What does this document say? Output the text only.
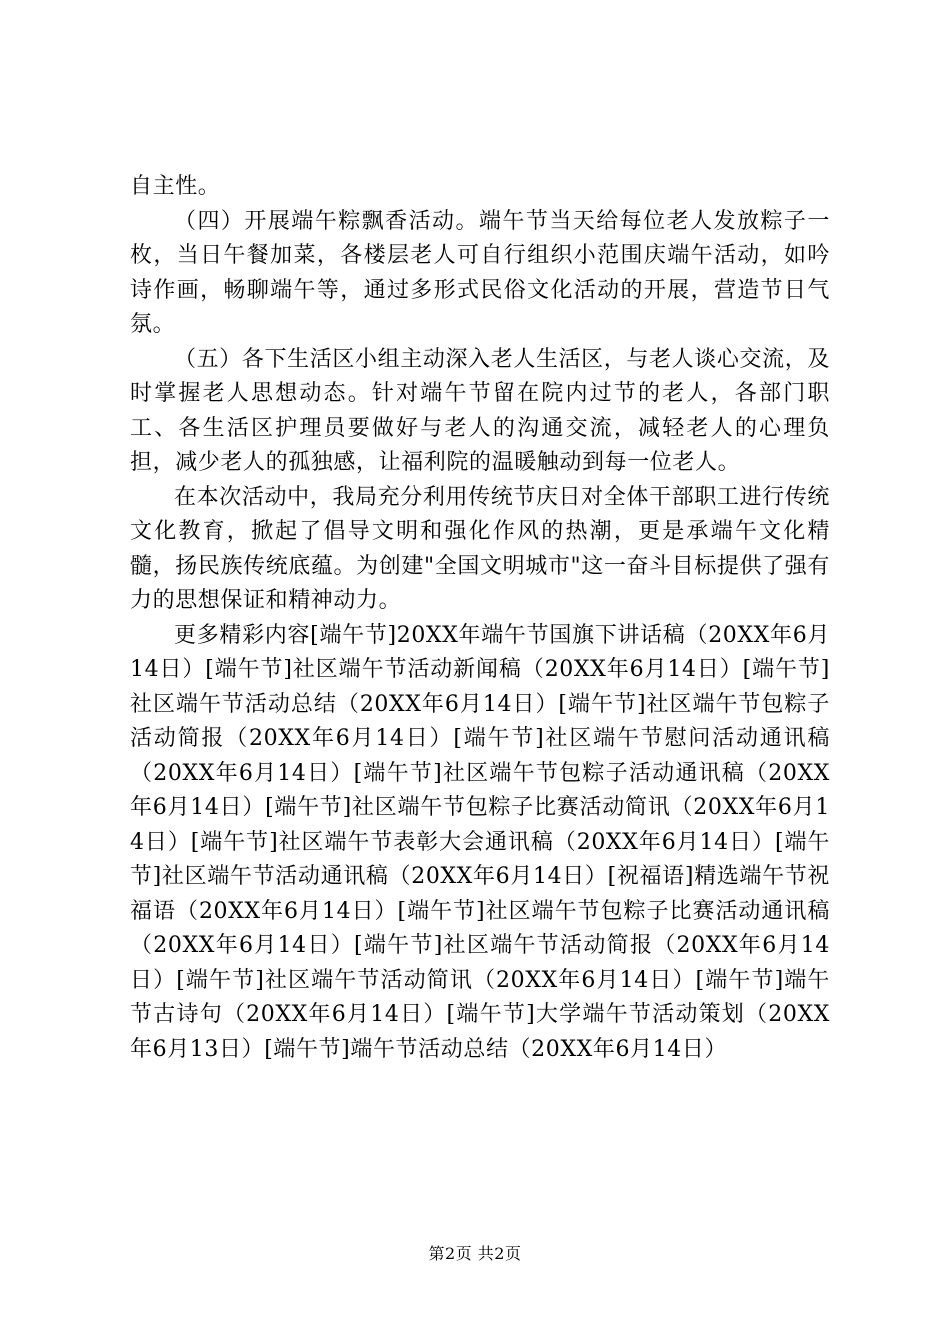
自主性。

（四）开展端午粽飘香活动。端午节当天给每位老人发放粽子一枚，当日午餐加菜，各楼层老人可自行组织小范围庆端午活动，如吟诗作画，畅聊端午等，通过多形式民俗文化活动的开展，营造节日气氛。

（五）各下生活区小组主动深入老人生活区，与老人谈心交流，及时掌握老人思想动态。针对端午节留在院内过节的老人，各部门职工、各生活区护理员要做好与老人的沟通交流，减轻老人的心理负担，减少老人的孤独感，让福利院的温暖触动到每一位老人。

在本次活动中，我局充分利用传统节庆日对全体干部职工进行传统文化教育，掀起了倡导文明和强化作风的热潮，更是承端午文化精髓，扬民族传统底蕴。为创建"全国文明城市"这一奋斗目标提供了强有力的思想保证和精神动力。

更多精彩内容[端午节]20XX年端午节国旗下讲话稿（20XX年6月14日）[端午节]社区端午节活动新闻稿（20XX年6月14日）[端午节]社区端午节活动总结（20XX年6月14日）[端午节]社区端午节包粽子活动简报（20XX年6月14日）[端午节]社区端午节慰问活动通讯稿（20XX年6月14日）[端午节]社区端午节包粽子活动通讯稿（20XX年6月14日）[端午节]社区端午节包粽子比赛活动简讯（20XX年6月14日）[端午节]社区端午节表彰大会通讯稿（20XX年6月14日）[端午节]社区端午节活动通讯稿（20XX年6月14日）[祝福语]精选端午节祝福语（20XX年6月14日）[端午节]社区端午节包粽子比赛活动通讯稿（20XX年6月14日）[端午节]社区端午节活动简报（20XX年6月14日）[端午节]社区端午节活动简讯（20XX年6月14日）[端午节]端午节古诗句（20XX年6月14日）[端午节]大学端午节活动策划（20XX年6月13日）[端午节]端午节活动总结（20XX年6月14日）

第2页 共2页
